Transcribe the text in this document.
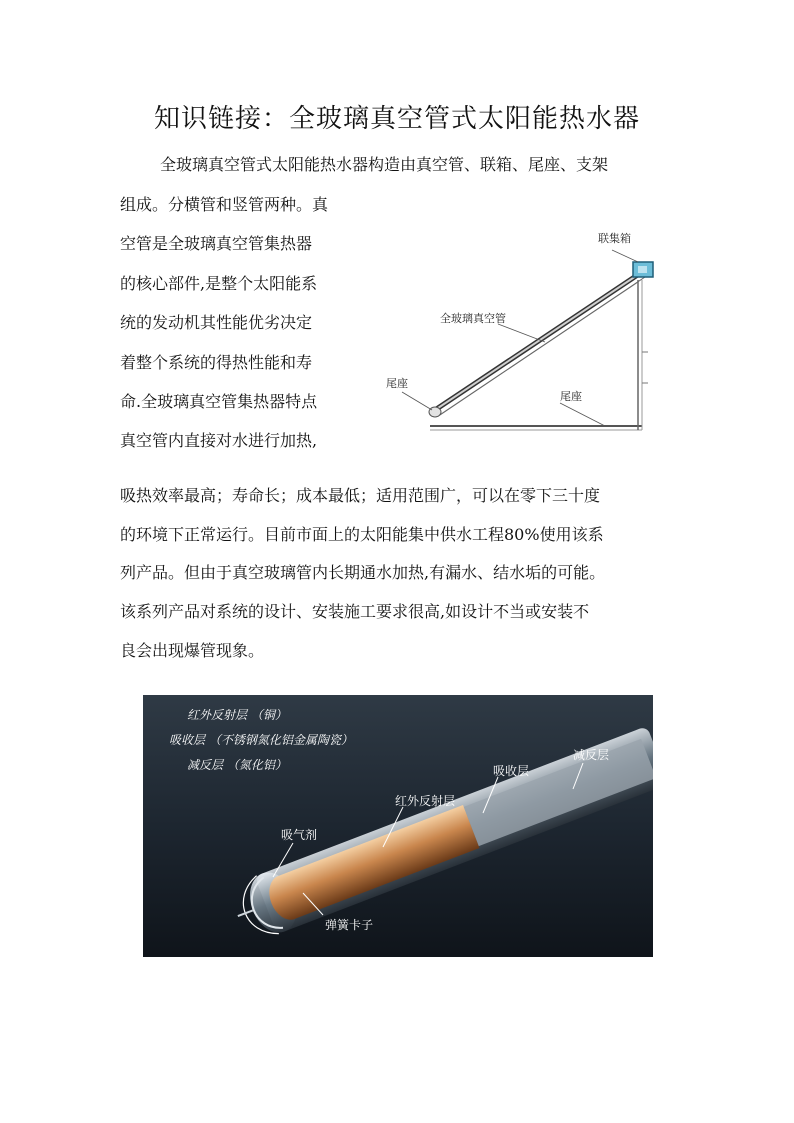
知识链接：全玻璃真空管式太阳能热水器

全玻璃真空管式太阳能热水器构造由真空管、联箱、尾座、支架

组成。分横管和竖管两种。真
空管是全玻璃真空管集热器
的核心部件,是整个太阳能系
统的发动机其性能优劣决定
着整个系统的得热性能和寿
命.全玻璃真空管集热器特点
真空管内直接对水进行加热,
联集箱
全玻璃真空管
尾座
尾座
吸热效率最高；寿命长；成本最低；适用范围广，可以在零下三十度
的环境下正常运行。目前市面上的太阳能集中供水工程80%使用该系
列产品。但由于真空玻璃管内长期通水加热,有漏水、结水垢的可能。
该系列产品对系统的设计、安装施工要求很高,如设计不当或安装不
良会出现爆管现象。
红外反射层 （铜）
吸收层 （不锈钢氮化铝金属陶瓷）
减反层 （氮化铝）
吸气剂
红外反射层
吸收层
减反层
弹簧卡子
